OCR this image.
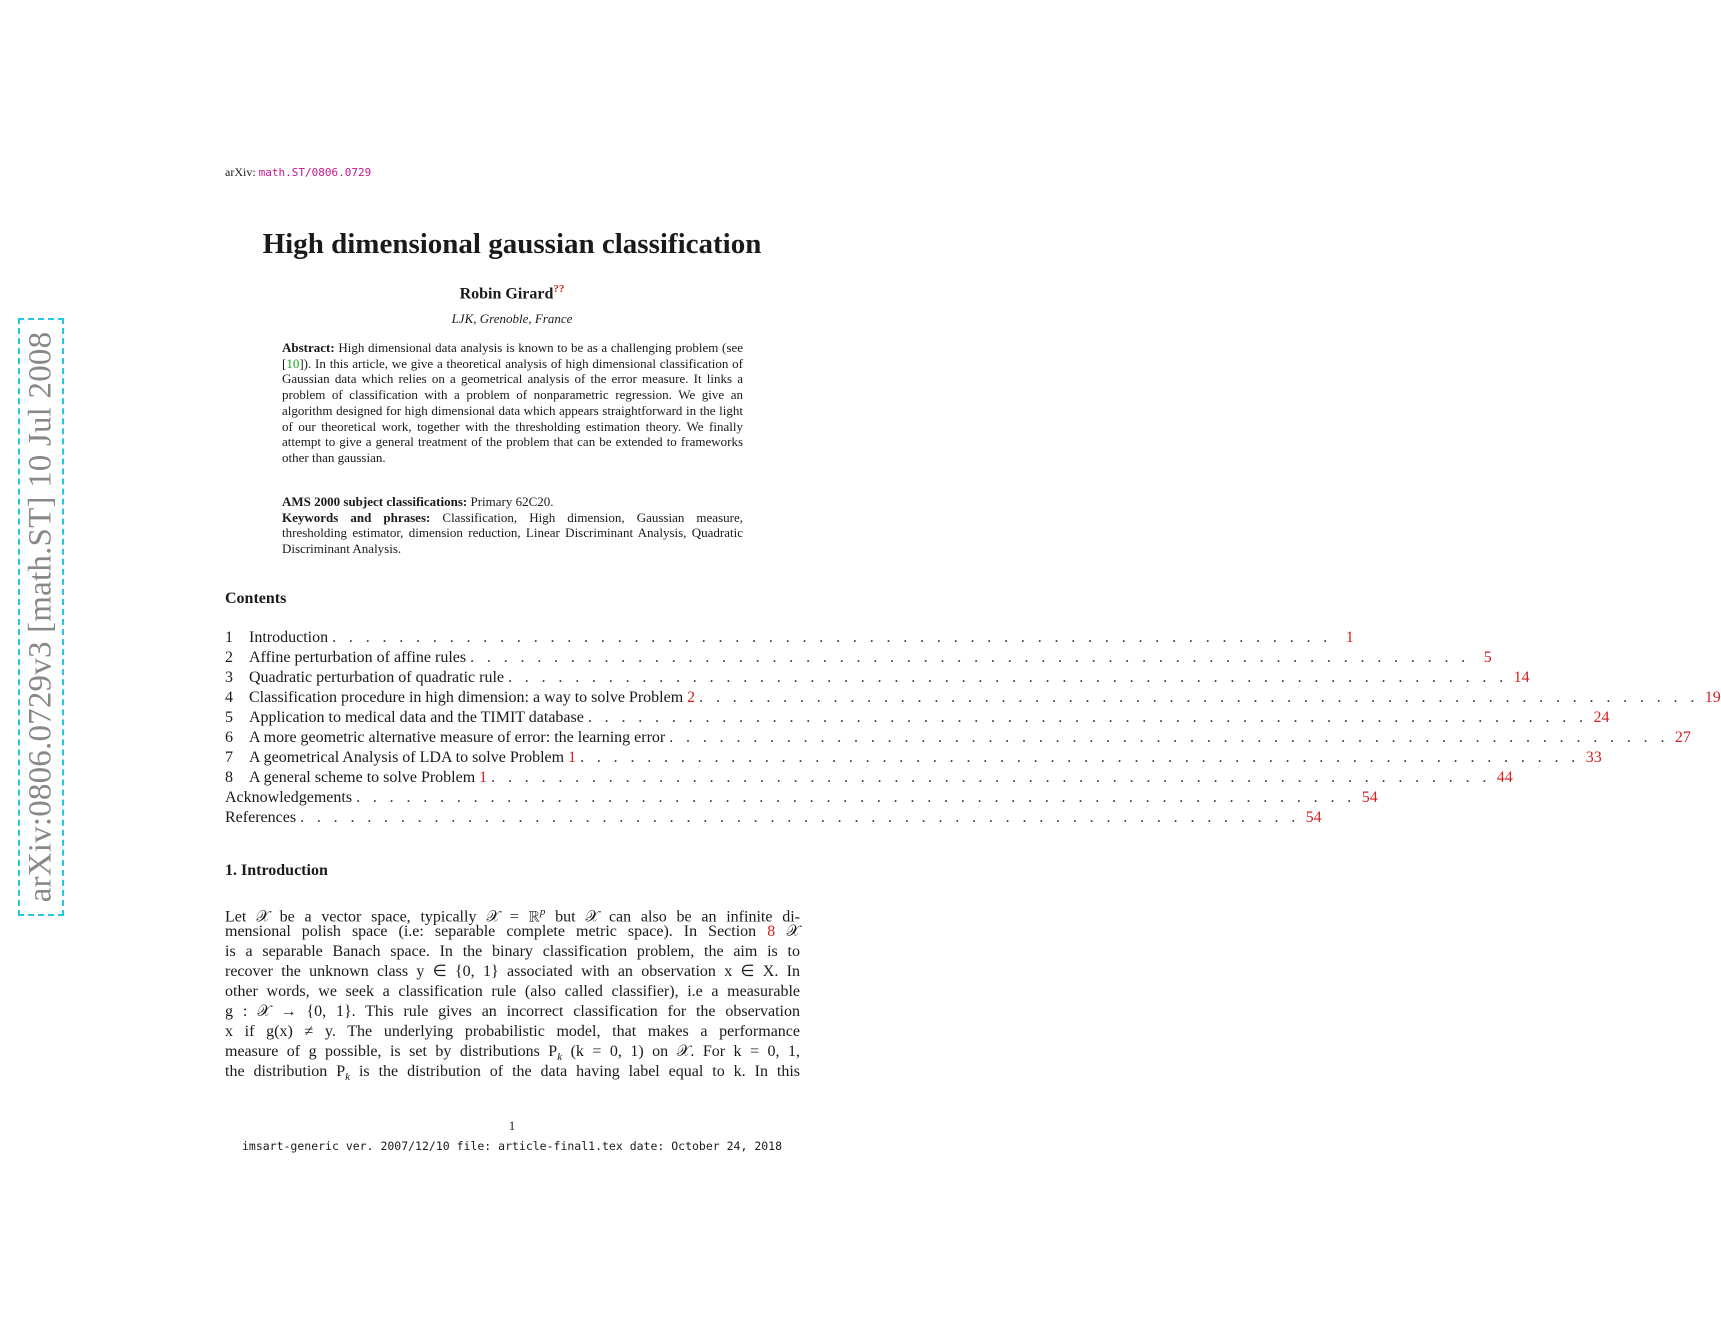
arXiv:0806.0729v3 [math.ST] 10 Jul 2008
arXiv: math.ST/0806.0729
High dimensional gaussian classification
Robin Girard??
LJK, Grenoble, France
Abstract: High dimensional data analysis is known to be as a challenging problem (see [10]). In this article, we give a theoretical analysis of high dimensional classification of Gaussian data which relies on a geometrical analysis of the error measure. It links a problem of classification with a problem of nonparametric regression. We give an algorithm designed for high dimensional data which appears straightforward in the light of our theoretical work, together with the thresholding estimation theory. We finally attempt to give a general treatment of the problem that can be extended to frameworks other than gaussian.
AMS 2000 subject classifications: Primary 62C20.
Keywords and phrases: Classification, High dimension, Gaussian measure, thresholding estimator, dimension reduction, Linear Discriminant Analysis, Quadratic Discriminant Analysis.
Contents
1	Introduction . . . . . . . . . . . . . . . . . . . . . . . . . . . . . . . . . . . . . . . . . . . . . . . . . . . . . . . . . . . . 1
2	Affine perturbation of affine rules . . . . . . . . . . . . . . . . . . . . . . . . . . . . . . . . . . . . . . . . . . . . . . . . . . . . . . . . . . . . 5
3	Quadratic perturbation of quadratic rule . . . . . . . . . . . . . . . . . . . . . . . . . . . . . . . . . . . . . . . . . . . . . . . . . . . . . . . . . . . . 14
4	Classification procedure in high dimension: a way to solve Problem 2 . . . . . . . . . . . . . . . . . . . . . . . . . . . . . . . . . . . . . . . . . . . . . . . . . . . . . . . . . . . . 19
5	Application to medical data and the TIMIT database . . . . . . . . . . . . . . . . . . . . . . . . . . . . . . . . . . . . . . . . . . . . . . . . . . . . . . . . . . . . 24
6	A more geometric alternative measure of error: the learning error . . . . . . . . . . . . . . . . . . . . . . . . . . . . . . . . . . . . . . . . . . . . . . . . . . . . . . . . . . . . 27
7	A geometrical Analysis of LDA to solve Problem 1 . . . . . . . . . . . . . . . . . . . . . . . . . . . . . . . . . . . . . . . . . . . . . . . . . . . . . . . . . . . . 33
8	A general scheme to solve Problem 1 . . . . . . . . . . . . . . . . . . . . . . . . . . . . . . . . . . . . . . . . . . . . . . . . . . . . . . . . . . . . 44
Acknowledgements . . . . . . . . . . . . . . . . . . . . . . . . . . . . . . . . . . . . . . . . . . . . . . . . . . . . . . . . . . . . 54
References . . . . . . . . . . . . . . . . . . . . . . . . . . . . . . . . . . . . . . . . . . . . . . . . . . . . . . . . . . . . 54
1. Introduction
Let 𝒳 be a vector space, typically 𝒳 = ℝ$^p$ but 𝒳 can also be an infinite di-
mensional polish space (i.e: separable complete metric space). In Section 8 𝒳
is a separable Banach space. In the binary classification problem, the aim is to
recover the unknown class y ∈ {0, 1} associated with an observation x ∈ X. In
other words, we seek a classification rule (also called classifier), i.e a measurable
g : 𝒳 → {0, 1}. This rule gives an incorrect classification for the observation
x if g(x) ≠ y. The underlying probabilistic model, that makes a performance
measure of g possible, is set by distributions $P_k$ (k = 0, 1) on 𝒳. For k = 0, 1,
the distribution $P_k$ is the distribution of the data having label equal to k. In this
1
imsart-generic ver. 2007/12/10 file: article-final1.tex date: October 24, 2018
